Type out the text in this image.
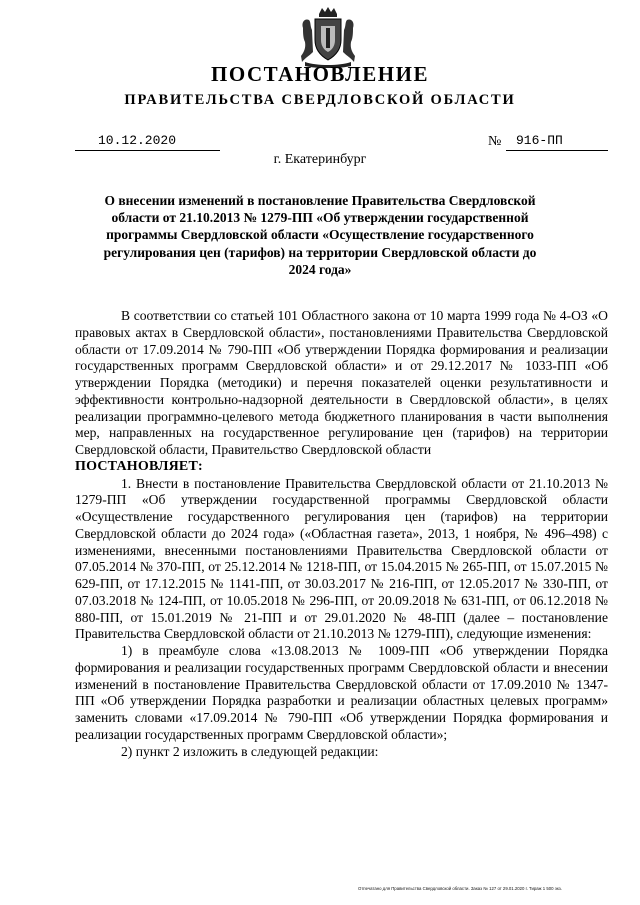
ПОСТАНОВЛЕНИЕ
ПРАВИТЕЛЬСТВА СВЕРДЛОВСКОЙ ОБЛАСТИ
10.12.2020	№ 916-ПП
г. Екатеринбург
О внесении изменений в постановление Правительства Свердловской области от 21.10.2013 № 1279-ПП «Об утверждении государственной программы Свердловской области «Осуществление государственного регулирования цен (тарифов) на территории Свердловской области до 2024 года»

В соответствии со статьей 101 Областного закона от 10 марта 1999 года № 4-ОЗ «О правовых актах в Свердловской области», постановлениями Правительства Свердловской области от 17.09.2014 № 790-ПП «Об утверждении Порядка формирования и реализации государственных программ Свердловской области» и от 29.12.2017 № 1033-ПП «Об утверждении Порядка (методики) и перечня показателей оценки результативности и эффективности контрольно-надзорной деятельности в Свердловской области», в целях реализации программно-целевого метода бюджетного планирования в части выполнения мер, направленных на государственное регулирование цен (тарифов) на территории Свердловской области, Правительство Свердловской области

ПОСТАНОВЛЯЕТ:

1. Внести в постановление Правительства Свердловской области от 21.10.2013 № 1279-ПП «Об утверждении государственной программы Свердловской области «Осуществление государственного регулирования цен (тарифов) на территории Свердловской области до 2024 года» («Областная газета», 2013, 1 ноября, № 496–498) с изменениями, внесенными постановлениями Правительства Свердловской области от 07.05.2014 № 370-ПП, от 25.12.2014 № 1218-ПП, от 15.04.2015 № 265-ПП, от 15.07.2015 № 629-ПП, от 17.12.2015 № 1141-ПП, от 30.03.2017 № 216-ПП, от 12.05.2017 № 330-ПП, от 07.03.2018 № 124-ПП, от 10.05.2018 № 296-ПП, от 20.09.2018 № 631-ПП, от 06.12.2018 № 880-ПП, от 15.01.2019 № 21-ПП и от 29.01.2020 № 48-ПП (далее – постановление Правительства Свердловской области от 21.10.2013 № 1279-ПП), следующие изменения:

1) в преамбуле слова «13.08.2013 № 1009-ПП «Об утверждении Порядка формирования и реализации государственных программ Свердловской области и внесении изменений в постановление Правительства Свердловской области от 17.09.2010 № 1347-ПП «Об утверждении Порядка разработки и реализации областных целевых программ» заменить словами «17.09.2014 № 790-ПП «Об утверждении Порядка формирования и реализации государственных программ Свердловской области»;

2) пункт 2 изложить в следующей редакции:

Отпечатано для Правительства Свердловской области. Заказ № 127 от 29.01.2020 г. Тираж 1 500 экз.
